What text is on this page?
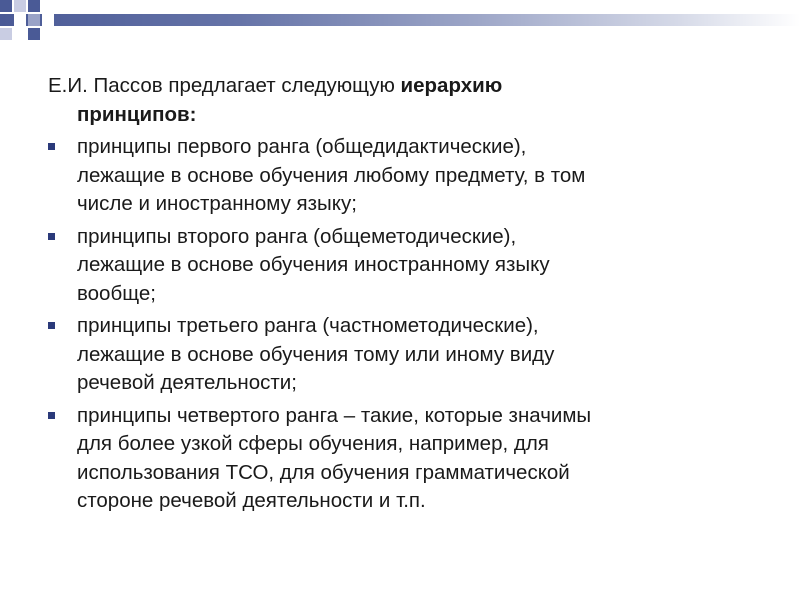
Е.И. Пассов предлагает следующую иерархию
принципов:

принципы первого ранга (общедидактические),
лежащие в основе обучения любому предмету, в том
числе и иностранному языку;
принципы второго ранга (общеметодические),
лежащие в основе обучения иностранному языку
вообще;
принципы третьего ранга (частнометодические),
лежащие в основе обучения тому или иному виду
речевой деятельности;
принципы четвертого ранга – такие, которые значимы
для более узкой сферы обучения, например, для
использования ТСО, для обучения грамматической
стороне речевой деятельности и т.п.
